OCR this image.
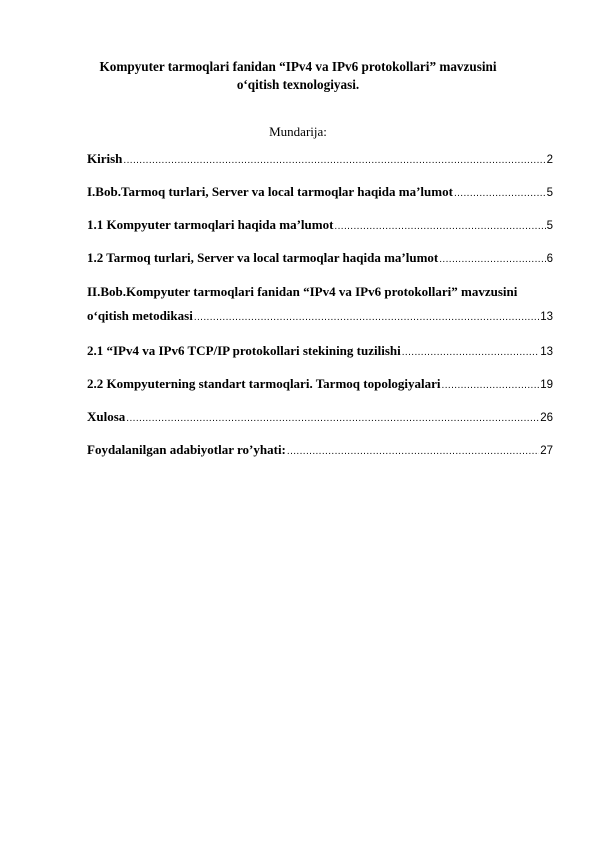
Kompyuter tarmoqlari fanidan “IPv4 va IPv6 protokollari” mavzusini
o‘qitish texnologiyasi.
Mundarija:
Kirish .....	2
I.Bob.Tarmoq turlari, Server va local tarmoqlar haqida ma’lumot .....	5
1.1 Kompyuter tarmoqlari haqida ma’lumot .....	5
1.2 Tarmoq turlari, Server va local tarmoqlar haqida ma’lumot .....	6
II.Bob.Kompyuter tarmoqlari fanidan “IPv4 va IPv6 protokollari” mavzusini
o‘qitish metodikasi .....	13
2.1 “IPv4 va IPv6 TCP/IP protokollari stekining tuzilishi .....	13
2.2 Kompyuterning standart tarmoqlari. Tarmoq topologiyalari .....	19
Xulosa .....	26
Foydalanilgan adabiyotlar ro’yhati: .....	27
